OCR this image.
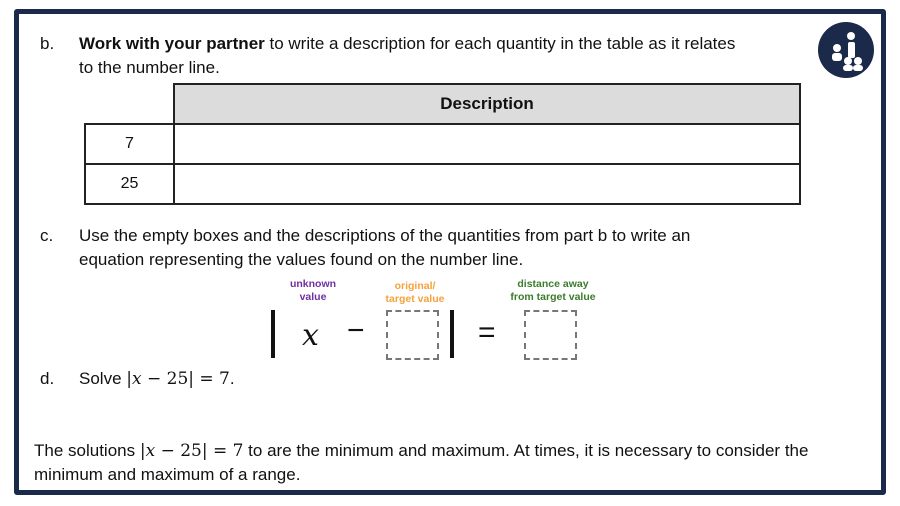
b. Work with your partner to write a description for each quantity in the table as it relates
to the number line.
	Description
7	
25	
c. Use the empty boxes and the descriptions of the quantities from part b to write an
equation representing the values found on the number line.
unknown
value
original/
target value
distance away
from target value
x −	=
d. Solve |x − 25| = 7.
The solutions |x − 25| = 7 to are the minimum and maximum. At times, it is necessary to consider the
minimum and maximum of a range.
